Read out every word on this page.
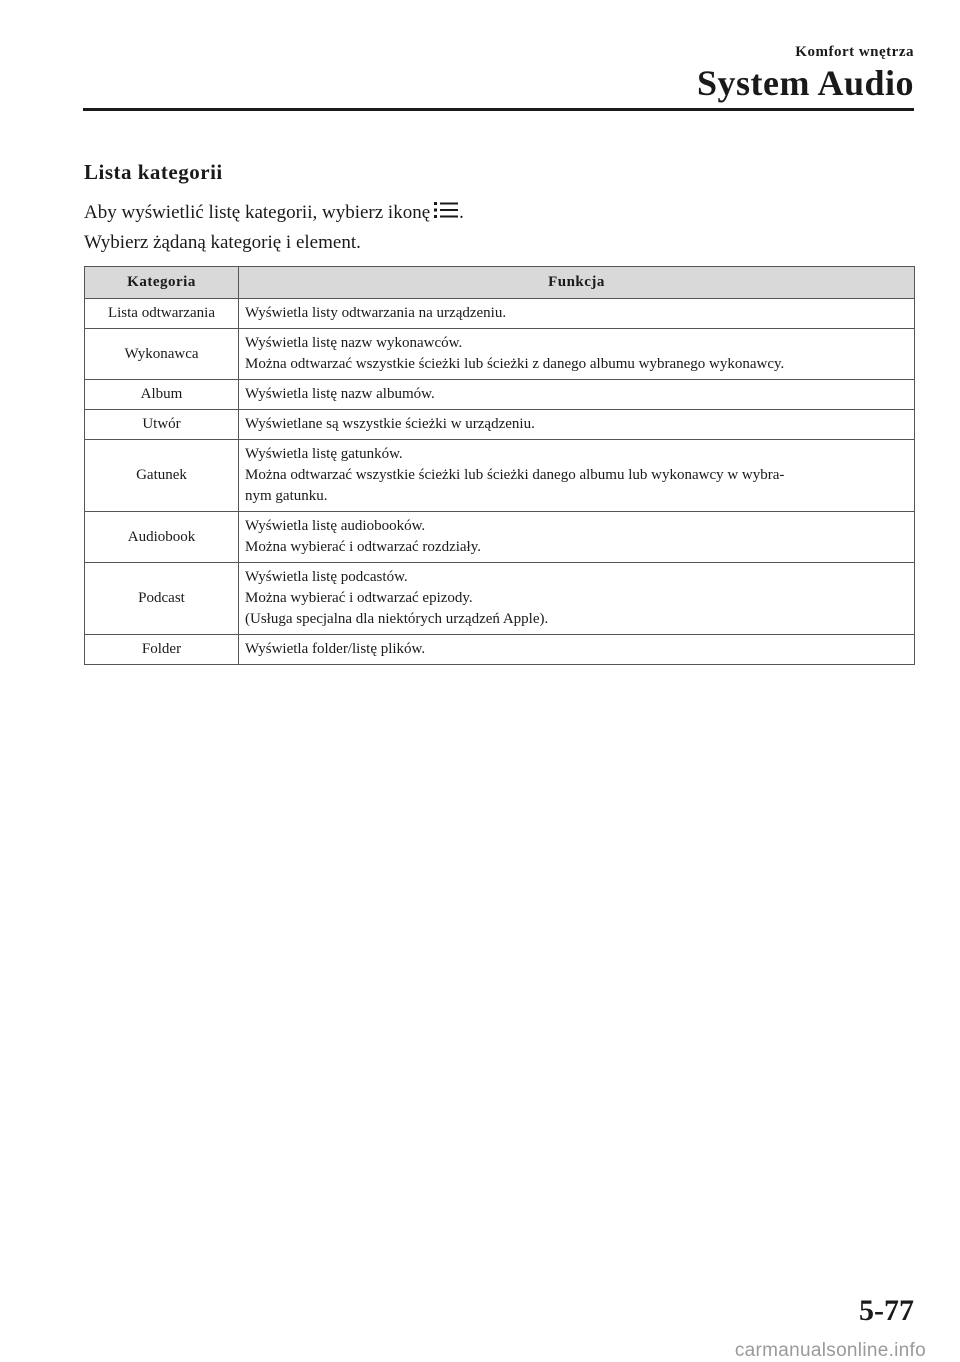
Komfort wnętrza
System Audio
Lista kategorii
Aby wyświetlić listę kategorii, wybierz ikonę .
Wybierz żądaną kategorię i element.
Kategoria	Funkcja
Lista odtwarzania	Wyświetla listy odtwarzania na urządzeniu.

Wykonawca	Wyświetla listę nazw wykonawców.
Można odtwarzać wszystkie ścieżki lub ścieżki z danego albumu wybranego wykonawcy.

Album	Wyświetla listę nazw albumów.

Utwór	Wyświetlane są wszystkie ścieżki w urządzeniu.

Gatunek	Wyświetla listę gatunków.
Można odtwarzać wszystkie ścieżki lub ścieżki danego albumu lub wykonawcy w wybra-
nym gatunku.

Audiobook	Wyświetla listę audiobooków.
Można wybierać i odtwarzać rozdziały.

Podcast	Wyświetla listę podcastów.
Można wybierać i odtwarzać epizody.
(Usługa specjalna dla niektórych urządzeń Apple).

Folder	Wyświetla folder/listę plików.
5-77
carmanualsonline.info
